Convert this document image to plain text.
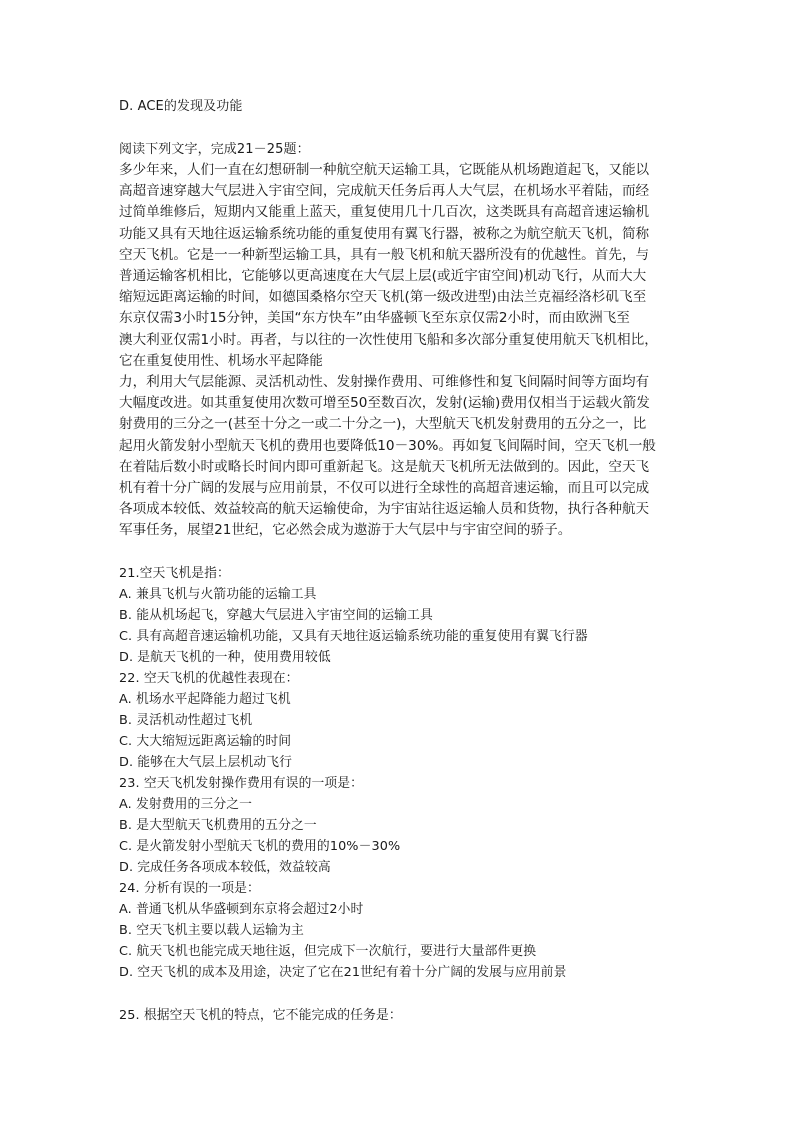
D. ACE的发现及功能
阅读下列文字，完成21－25题：
多少年来，人们一直在幻想研制一种航空航天运输工具，它既能从机场跑道起飞，又能以
高超音速穿越大气层进入宇宙空间，完成航天任务后再人大气层，在机场水平着陆，而经
过简单维修后，短期内又能重上蓝天，重复使用几十几百次，这类既具有高超音速运输机
功能又具有天地往返运输系统功能的重复使用有翼飞行器，被称之为航空航天飞机，简称
空天飞机。它是一一种新型运输工具，具有一般飞机和航天器所没有的优越性。首先，与
普通运输客机相比，它能够以更高速度在大气层上层(或近宇宙空间)机动飞行，从而大大
缩短远距离运输的时间，如德国桑格尔空天飞机(第一级改进型)由法兰克福经洛杉矶飞至
东京仅需3小时15分钟，美国“东方快车”由华盛顿飞至东京仅需2小时，而由欧洲飞至
澳大利亚仅需1小时。再者，与以往的一次性使用飞船和多次部分重复使用航天飞机相比，
它在重复使用性、机场水平起降能
力，利用大气层能源、灵活机动性、发射操作费用、可维修性和复飞间隔时间等方面均有
大幅度改进。如其重复使用次数可增至50至数百次，发射(运输)费用仅相当于运载火箭发
射费用的三分之一(甚至十分之一或二十分之一)，大型航天飞机发射费用的五分之一，比
起用火箭发射小型航天飞机的费用也要降低10－30%。再如复飞间隔时间，空天飞机一般
在着陆后数小时或略长时间内即可重新起飞。这是航天飞机所无法做到的。因此，空天飞
机有着十分广阔的发展与应用前景，不仅可以进行全球性的高超音速运输，而且可以完成
各项成本较低、效益较高的航天运输使命，为宇宙站往返运输人员和货物，执行各种航天
军事任务，展望21世纪，它必然会成为遨游于大气层中与宇宙空间的骄子。
21.空天飞机是指：
A. 兼具飞机与火箭功能的运输工具
B. 能从机场起飞，穿越大气层进入宇宙空间的运输工具
C. 具有高超音速运输机功能，又具有天地往返运输系统功能的重复使用有翼飞行器
D. 是航天飞机的一种，使用费用较低
22. 空天飞机的优越性表现在：
A. 机场水平起降能力超过飞机
B. 灵活机动性超过飞机
C. 大大缩短远距离运输的时间
D. 能够在大气层上层机动飞行
23. 空天飞机发射操作费用有误的一项是：
A. 发射费用的三分之一
B. 是大型航天飞机费用的五分之一
C. 是火箭发射小型航天飞机的费用的10%－30%
D. 完成任务各项成本较低，效益较高
24. 分析有误的一项是：
A. 普通飞机从华盛顿到东京将会超过2小时
B. 空天飞机主要以载人运输为主
C. 航天飞机也能完成天地往返，但完成下一次航行，要进行大量部件更换
D. 空天飞机的成本及用途，决定了它在21世纪有着十分广阔的发展与应用前景
25. 根据空天飞机的特点，它不能完成的任务是：
